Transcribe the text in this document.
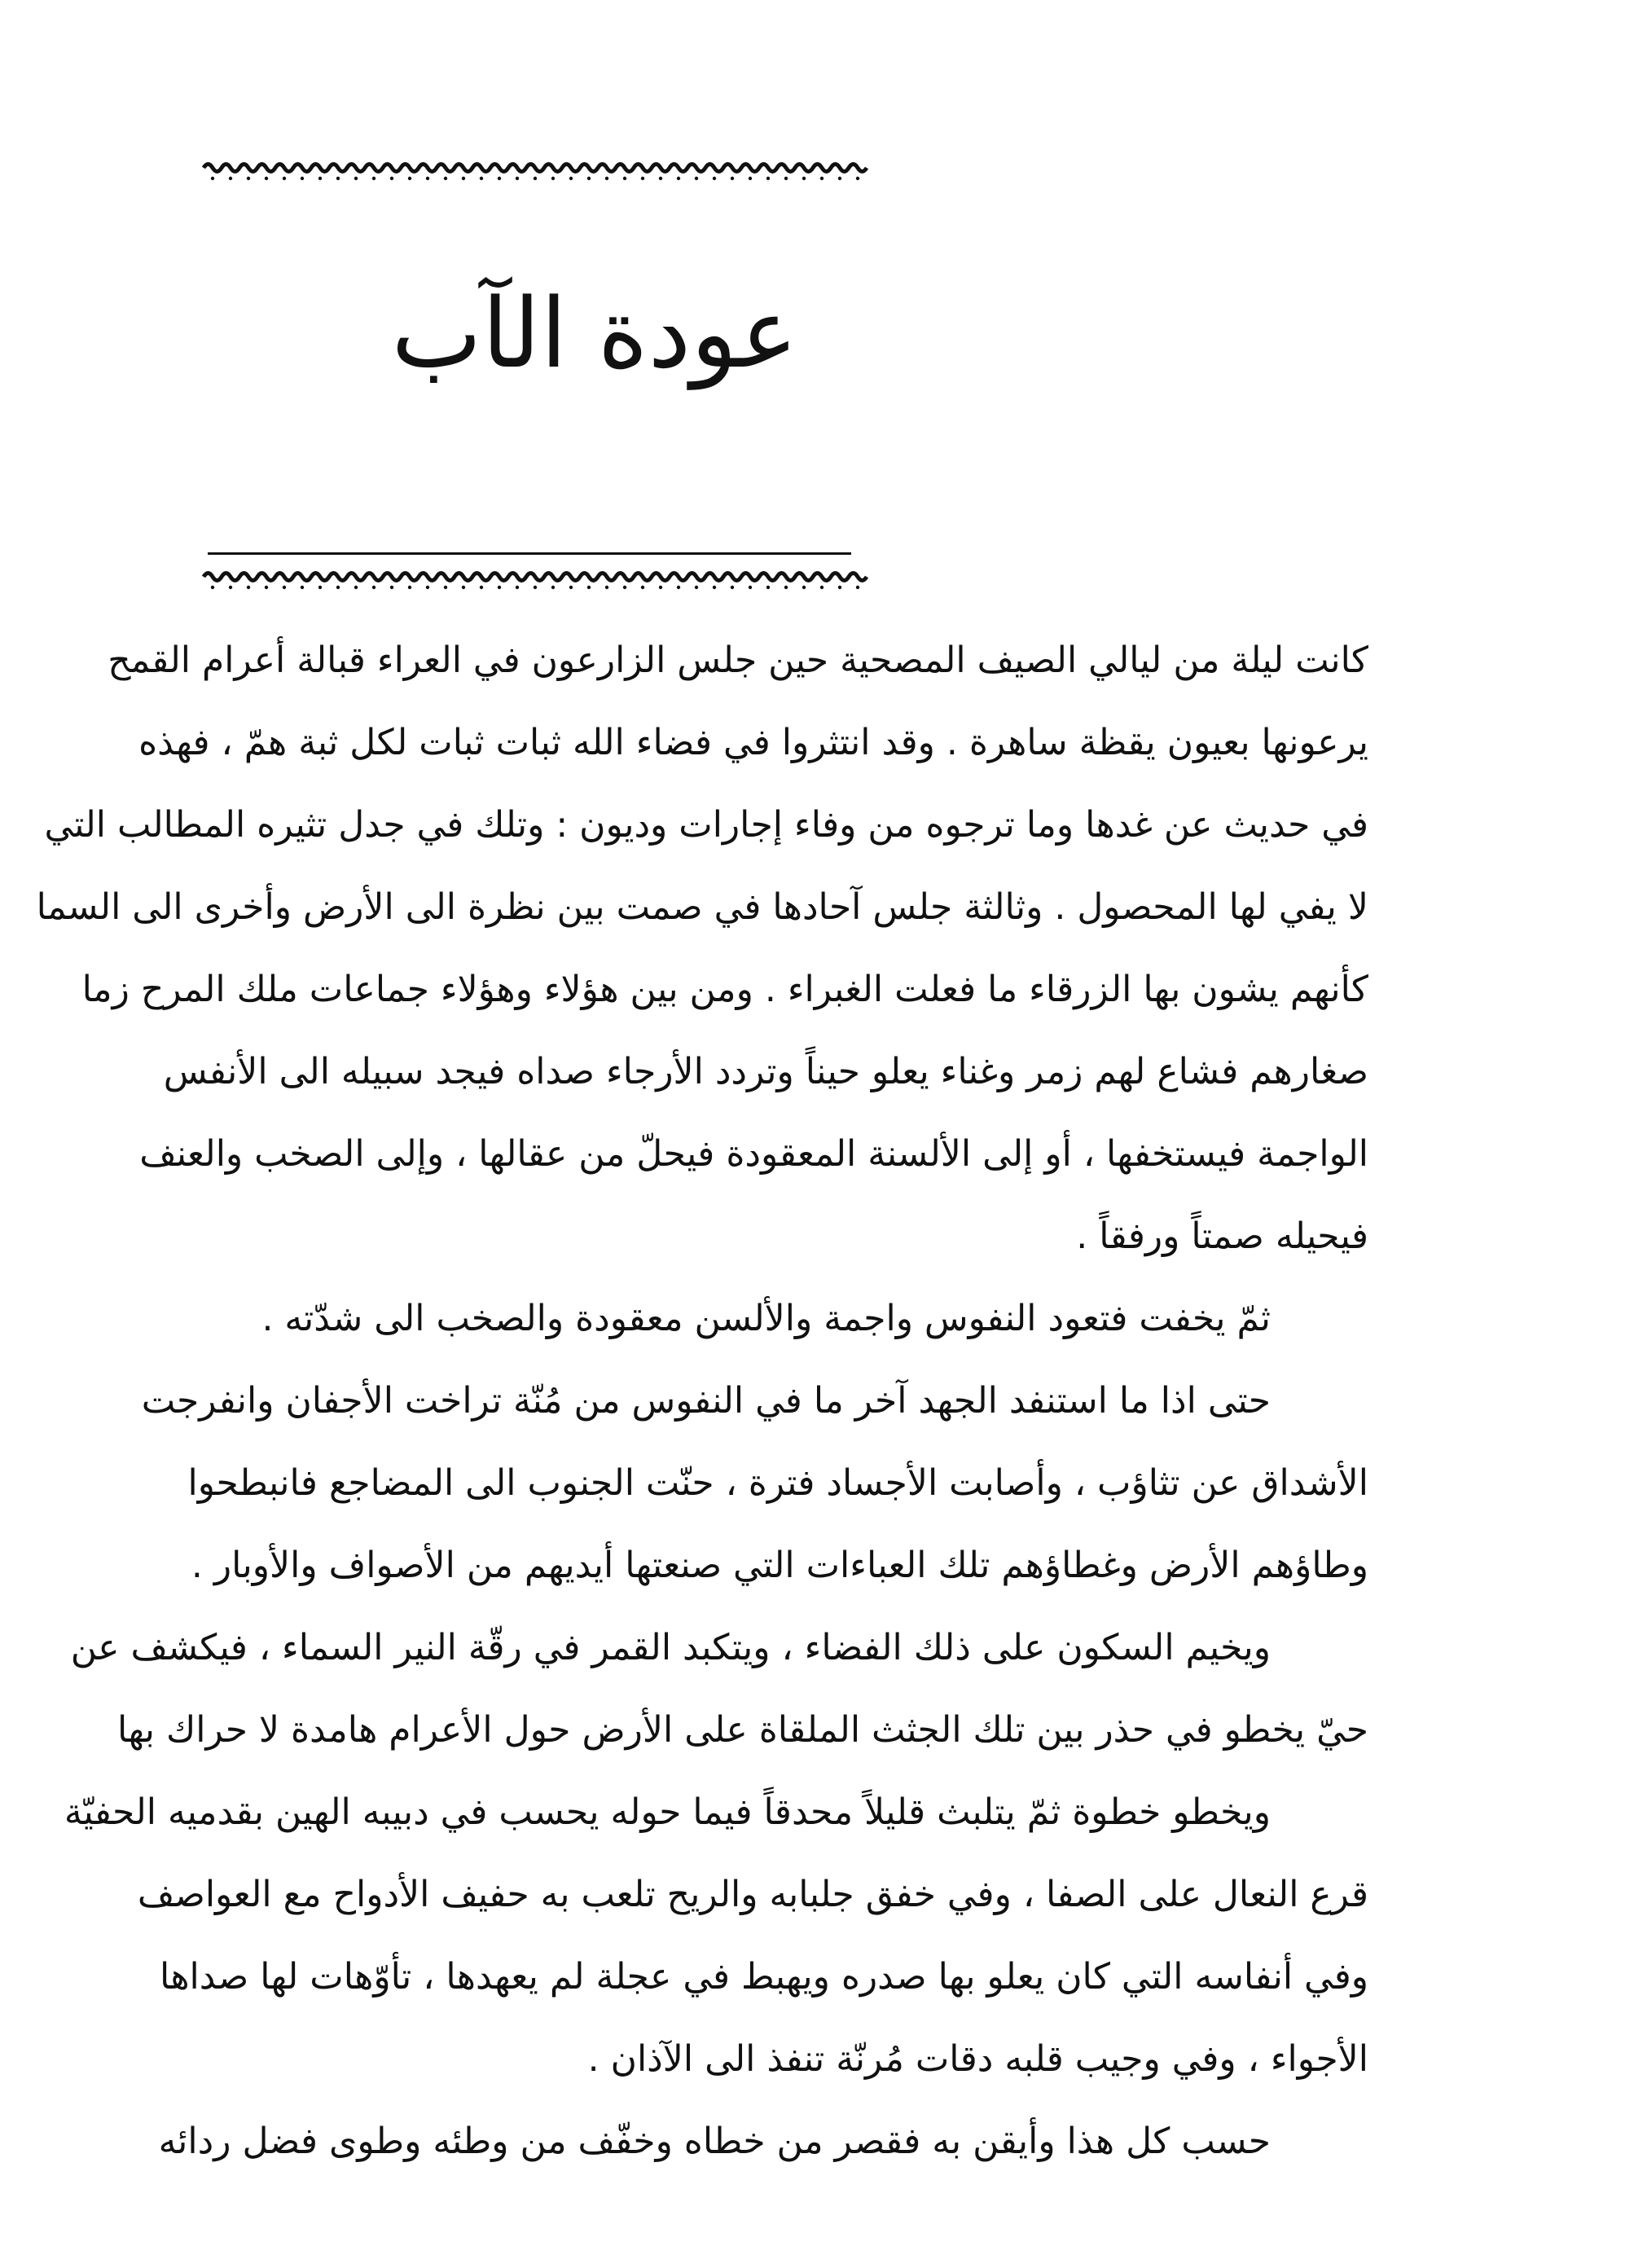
عودة الآب

كانت ليلة من ليالي الصيف المصحية حين جلس الزارعون في العراء قبالة أعرام القمح
يرعونها بعيون يقظة ساهرة . وقد انتثروا في فضاء الله ثبات ثبات لكل ثبة همّ ، فهذه
في حديث عن غدها وما ترجوه من وفاء إجارات وديون : وتلك في جدل تثيره المطالب التي
لا يفي لها المحصول . وثالثة جلس آحادها في صمت بين نظرة الى الأرض وأخرى الى السما
كأنهم يشون بها الزرقاء ما فعلت الغبراء . ومن بين هؤلاء وهؤلاء جماعات ملك المرح زما
صغارهم فشاع لهم زمر وغناء يعلو حيناً وتردد الأرجاء صداه فيجد سبيله الى الأنفس
الواجمة فيستخفها ، أو إلى الألسنة المعقودة فيحلّ من عقالها ، وإلى الصخب والعنف
فيحيله صمتاً ورفقاً .

ثمّ يخفت فتعود النفوس واجمة والألسن معقودة والصخب الى شدّته .

حتى اذا ما استنفد الجهد آخر ما في النفوس من مُنّة تراخت الأجفان وانفرجت
الأشداق عن تثاؤب ، وأصابت الأجساد فترة ، حنّت الجنوب الى المضاجع فانبطحوا
وطاؤهم الأرض وغطاؤهم تلك العباءات التي صنعتها أيديهم من الأصواف والأوبار .

ويخيم السكون على ذلك الفضاء ، ويتكبد القمر في رقّة النير السماء ، فيكشف عن
حيّ يخطو في حذر بين تلك الجثث الملقاة على الأرض حول الأعرام هامدة لا حراك بها
ويخطو خطوة ثمّ يتلبث قليلاً محدقاً فيما حوله يحسب في دبيبه الهين بقدميه الحفيّة
قرع النعال على الصفا ، وفي خفق جلبابه والريح تلعب به حفيف الأدواح مع العواصف
وفي أنفاسه التي كان يعلو بها صدره ويهبط في عجلة لم يعهدها ، تأوّهات لها صداها
الأجواء ، وفي وجيب قلبه دقات مُرنّة تنفذ الى الآذان .

حسب كل هذا وأيقن به فقصر من خطاه وخفّف من وطئه وطوى فضل ردائه
